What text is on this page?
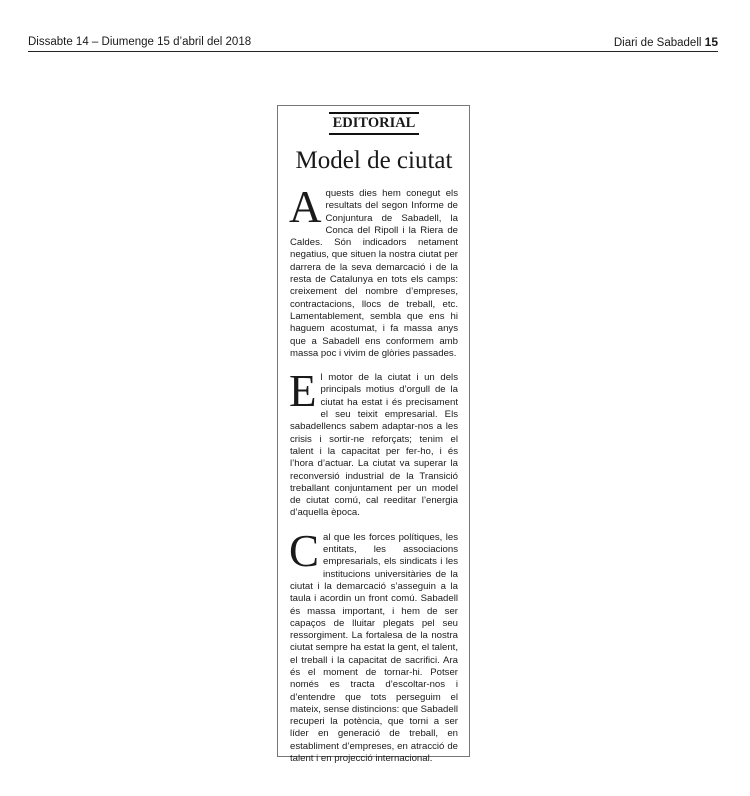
Dissabte 14 – Diumenge 15 d’abril del 2018	Diari de Sabadell 15
EDITORIAL
Model de ciutat

Aquests dies hem conegut els resultats del segon Informe de Conjuntura de Sabadell, la Conca del Ripoll i la Riera de Caldes. Són indicadors netament negatius, que situen la nostra ciutat per darrera de la seva demarcació i de la resta de Catalunya en tots els camps: creixement del nombre d’empreses, contractacions, llocs de treball, etc. Lamentablement, sembla que ens hi haguem acostumat, i fa massa anys que a Sabadell ens conformem amb massa poc i vivim de glòries passades.

El motor de la ciutat i un dels principals motius d’orgull de la ciutat ha estat i és precisament el seu teixit empresarial. Els sabadellencs sabem adaptar-nos a les crisis i sortir-ne reforçats; tenim el talent i la capacitat per fer-ho, i és l’hora d’actuar. La ciutat va superar la reconversió industrial de la Transició treballant conjuntament per un model de ciutat comú, cal reeditar l’energia d’aquella època.

Cal que les forces polítiques, les entitats, les associacions empresarials, els sindicats i les institucions universitàries de la ciutat i la demarcació s’asseguin a la taula i acordin un front comú. Sabadell és massa important, i hem de ser capaços de lluitar plegats pel seu ressorgiment. La fortalesa de la nostra ciutat sempre ha estat la gent, el talent, el treball i la capacitat de sacrifici. Ara és el moment de tornar-hi. Potser només es tracta d’escoltar-nos i d’entendre que tots perseguim el mateix, sense distincions: que Sabadell recuperi la potència, que torni a ser líder en generació de treball, en establiment d’empreses, en atracció de talent i en projecció internacional.
